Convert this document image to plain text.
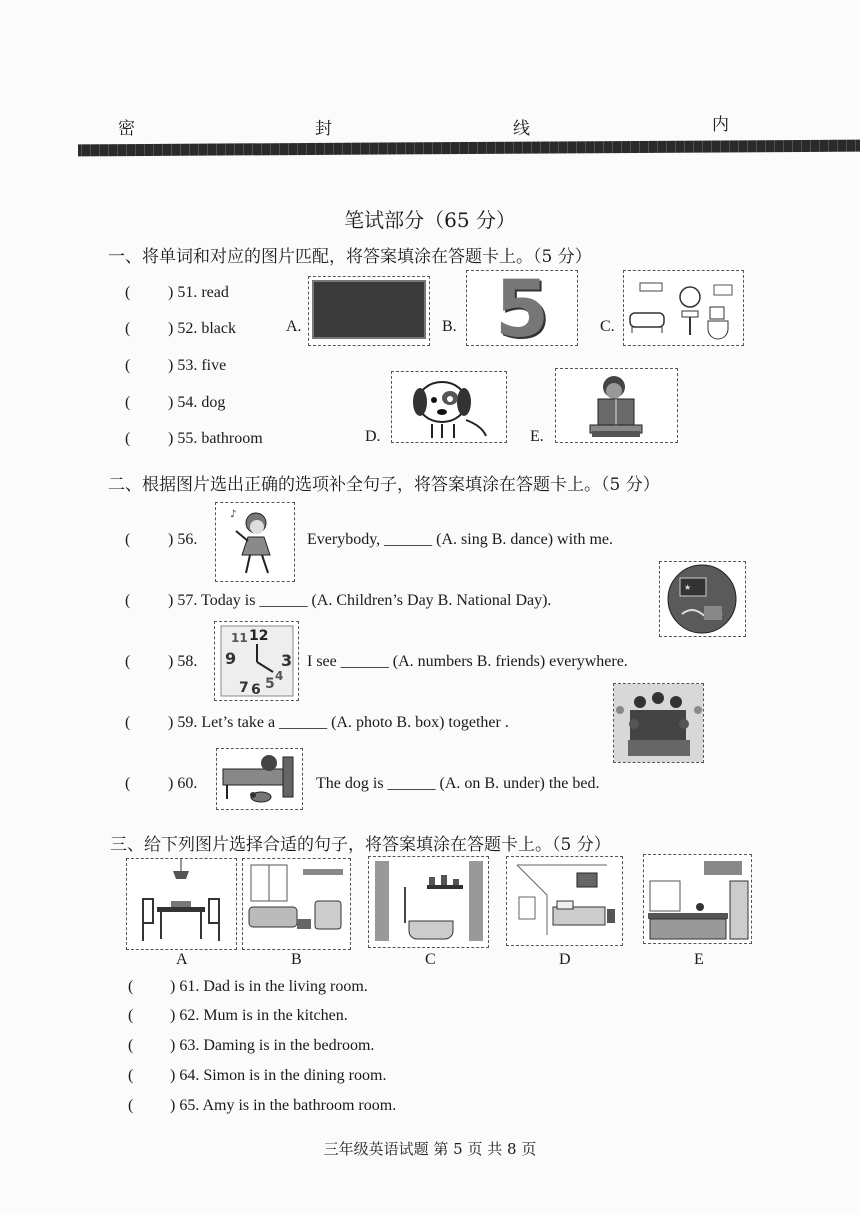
密	封	线	内
笔试部分（65 分）
一、将单词和对应的图片匹配，将答案填涂在答题卡上。（5 分）
( ) 51. read
( ) 52. black
( ) 53. five
( ) 54. dog
( ) 55. bathroom
A.	B. 5	C.
D.	E.
二、根据图片选出正确的选项补全句子，将答案填涂在答题卡上。（5 分）
( ) 56.
♪
Everybody, ______ (A. sing B. dance) with me.
( ) 57. Today is ______ (A. Children’s Day B. National Day).
★
( ) 58.
12
11
9	3
7 6 5 4
I see ______ (A. numbers B. friends) everywhere.
( ) 59. Let’s take a ______ (A. photo B. box) together .
( ) 60.	The dog is ______ (A. on B. under) the bed.
三、给下列图片选择合适的句子，将答案填涂在答题卡上。（5 分）
A	B	C	D	E
( ) 61. Dad is in the living room.
( ) 62. Mum is in the kitchen.
( ) 63. Daming is in the bedroom.
( ) 64. Simon is in the dining room.
( ) 65. Amy is in the bathroom room.
三年级英语试题 第 5 页 共 8 页
